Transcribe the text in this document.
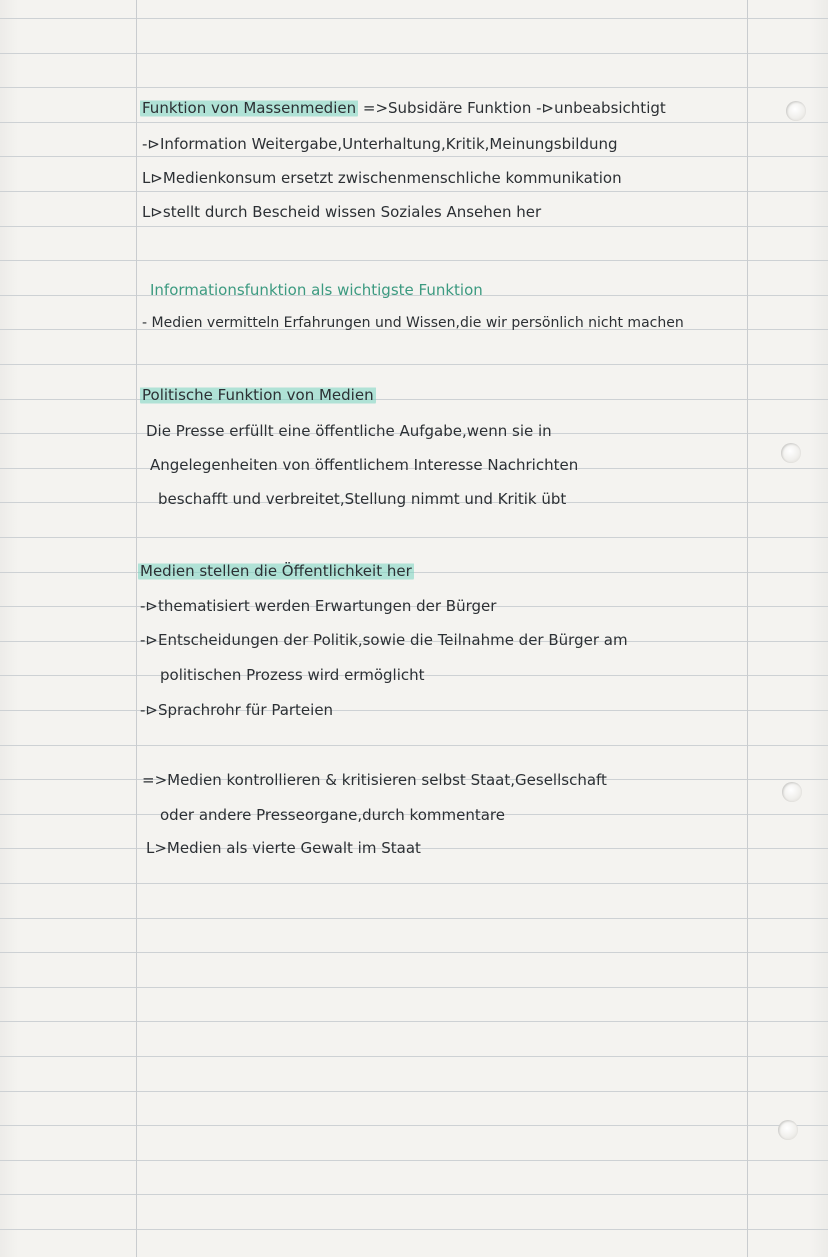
Funktion von Massenmedien =>Subsidäre Funktion -⊳unbeabsichtigt
-⊳Information Weitergabe,Unterhaltung,Kritik,Meinungsbildung
L⊳Medienkonsum ersetzt zwischenmenschliche kommunikation
L⊳stellt durch Bescheid wissen Soziales Ansehen her
Informationsfunktion als wichtigste Funktion
- Medien vermitteln Erfahrungen und Wissen,die wir persönlich nicht machen
Politische Funktion von Medien
Die Presse erfüllt eine öffentliche Aufgabe,wenn sie in
Angelegenheiten von öffentlichem Interesse Nachrichten
beschafft und verbreitet,Stellung nimmt und Kritik übt
Medien stellen die Öffentlichkeit her
-⊳thematisiert werden Erwartungen der Bürger
-⊳Entscheidungen der Politik,sowie die Teilnahme der Bürger am
politischen Prozess wird ermöglicht
-⊳Sprachrohr für Parteien
=>Medien kontrollieren & kritisieren selbst Staat,Gesellschaft
oder andere Presseorgane,durch kommentare
L>Medien als vierte Gewalt im Staat
